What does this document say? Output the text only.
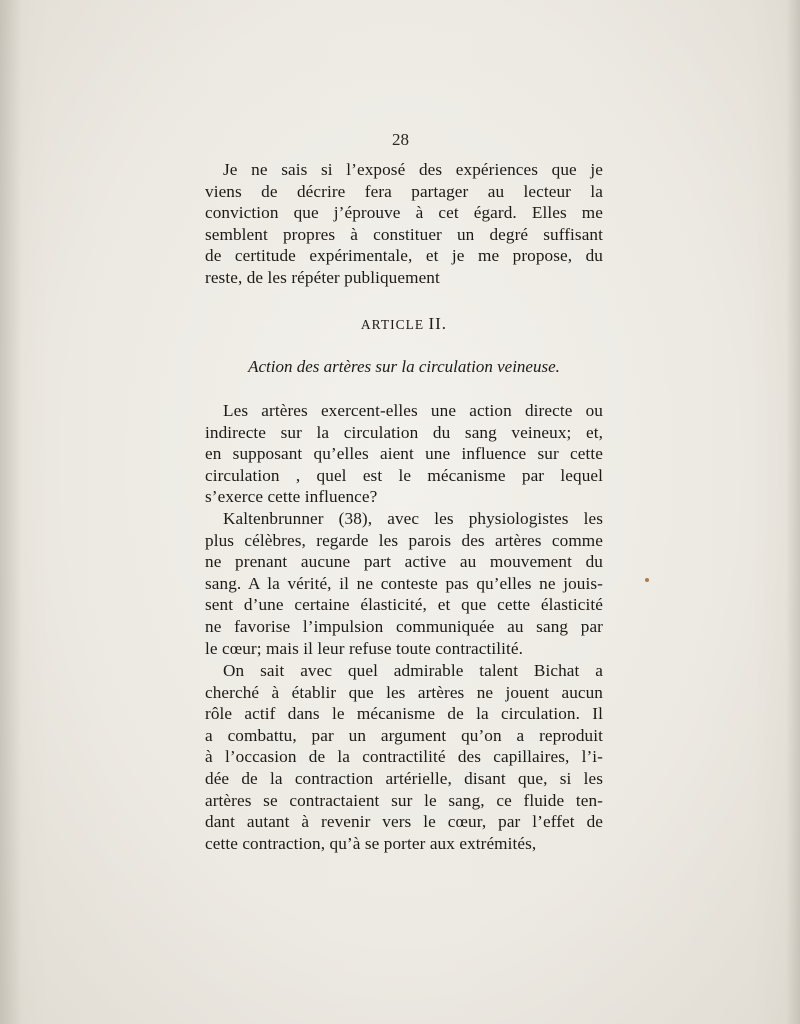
28
Je ne sais si l’exposé des expériences que je
viens de décrire fera partager au lecteur la
conviction que j’éprouve à cet égard. Elles me
semblent propres à constituer un degré suffisant
de certitude expérimentale, et je me propose, du
reste, de les répéter publiquement
ARTICLE II.
Action des artères sur la circulation veineuse.
Les artères exercent-elles une action directe ou
indirecte sur la circulation du sang veineux; et,
en supposant qu’elles aient une influence sur cette
circulation , quel est le mécanisme par lequel
s’exerce cette influence?
Kaltenbrunner (38), avec les physiologistes les
plus célèbres, regarde les parois des artères comme
ne prenant aucune part active au mouvement du
sang. A la vérité, il ne conteste pas qu’elles ne jouis-
sent d’une certaine élasticité, et que cette élasticité
ne favorise l’impulsion communiquée au sang par
le cœur; mais il leur refuse toute contractilité.
On sait avec quel admirable talent Bichat a
cherché à établir que les artères ne jouent aucun
rôle actif dans le mécanisme de la circulation. Il
a combattu, par un argument qu’on a reproduit
à l’occasion de la contractilité des capillaires, l’i-
dée de la contraction artérielle, disant que, si les
artères se contractaient sur le sang, ce fluide ten-
dant autant à revenir vers le cœur, par l’effet de
cette contraction, qu’à se porter aux extrémités,
